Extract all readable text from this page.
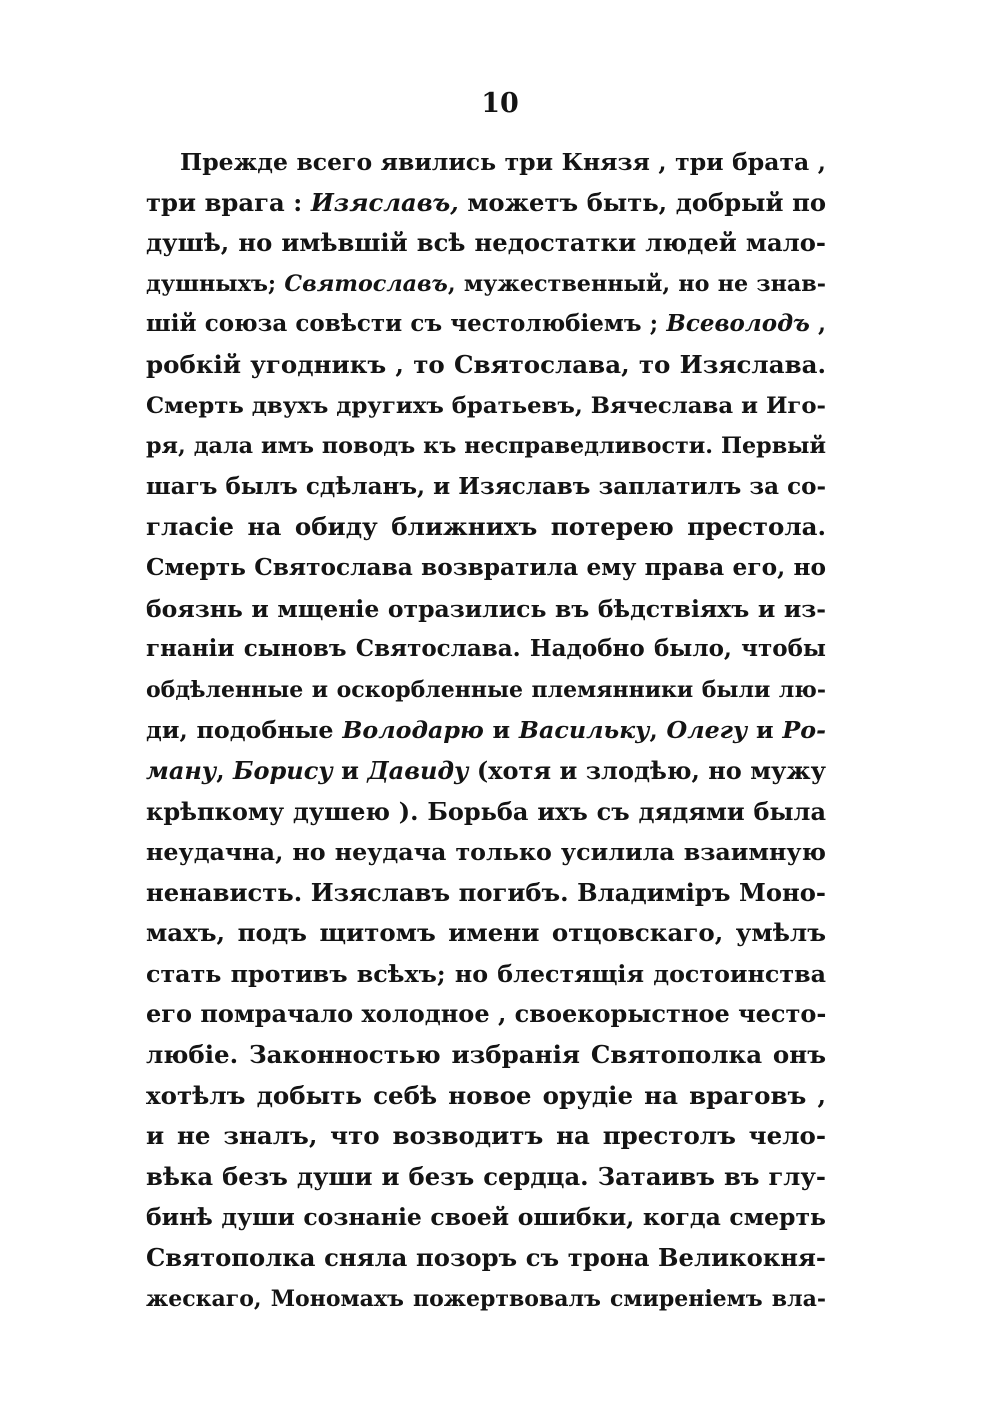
10
Прежде всего явились три Князя , три брата ,
три врага : Изяславъ, можетъ быть, добрый по
душѣ, но имѣвшій всѣ недостатки людей мало-
душныхъ; Святославъ, мужественный, но не знав-
шій союза совѣсти съ честолюбіемъ ; Всеволодъ ,
робкій угодникъ , то Святослава, то Изяслава.
Смерть двухъ другихъ братьевъ, Вячеслава и Иго-
ря, дала имъ поводъ къ несправедливости. Первый
шагъ былъ сдѣланъ, и Изяславъ заплатилъ за со-
гласіе на обиду ближнихъ потерею престола.
Смерть Святослава возвратила ему права его, но
боязнь и мщеніе отразились въ бѣдствіяхъ и из-
гнаніи сыновъ Святослава. Надобно было, чтобы
обдѣленные и оскорбленные племянники были лю-
ди, подобные Володарю и Васильку, Олегу и Ро-
ману, Борису и Давиду (хотя и злодѣю, но мужу
крѣпкому душею ). Борьба ихъ съ дядями была
неудачна, но неудача только усилила взаимную
ненависть. Изяславъ погибъ. Владиміръ Моно-
махъ, подъ щитомъ имени отцовскаго, умѣлъ
стать противъ всѣхъ; но блестящія достоинства
его помрачало холодное , своекорыстное често-
любіе. Законностью избранія Святополка онъ
хотѣлъ добыть себѣ новое орудіе на враговъ ,
и не зналъ, что возводитъ на престолъ чело-
вѣка безъ души и безъ сердца. Затаивъ въ глу-
бинѣ души сознаніе своей ошибки, когда смерть
Святополка сняла позоръ съ трона Великокня-
жескаго, Мономахъ пожертвовалъ смиреніемъ вла-
